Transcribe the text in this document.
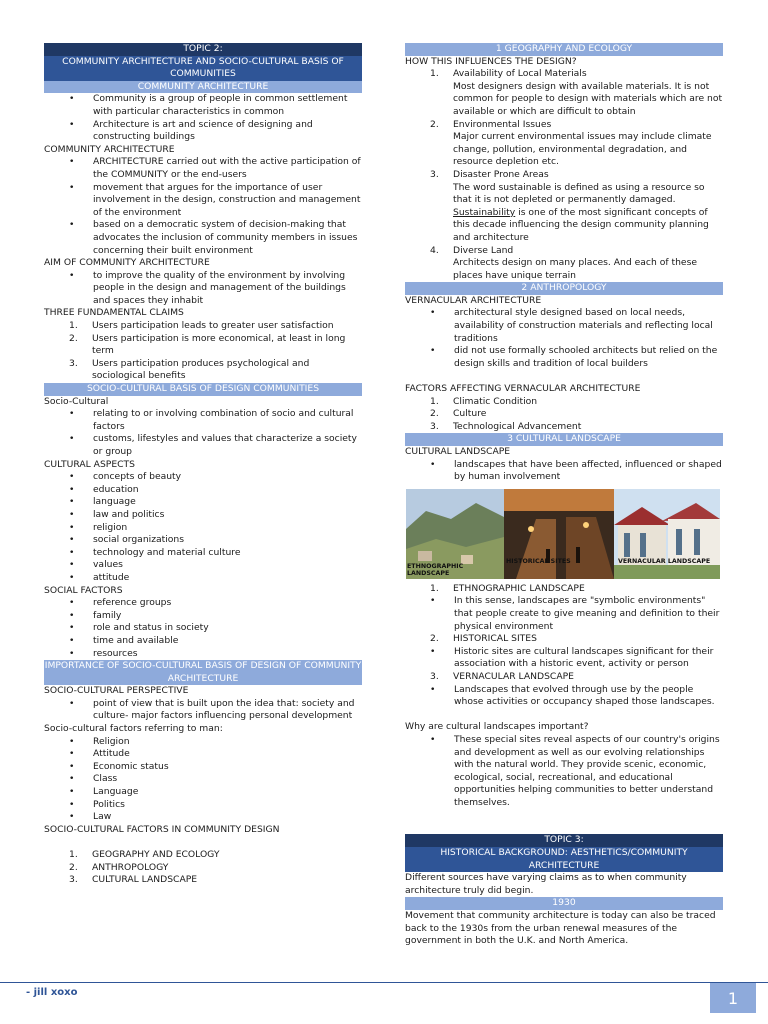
TOPIC 2:
COMMUNITY ARCHITECTURE AND SOCIO-CULTURAL BASIS OF COMMUNITIES
COMMUNITY ARCHITECTURE
• Community is a group of people in common settlement with particular characteristics in common
• Architecture is art and science of designing and constructing buildings
COMMUNITY ARCHITECTURE
• ARCHITECTURE carried out with the active participation of the COMMUNITY or the end-users
• movement that argues for the importance of user involvement in the design, construction and management of the environment
• based on a democratic system of decision-making that advocates the inclusion of community members in issues concerning their built environment
AIM OF COMMUNITY ARCHITECTURE
• to improve the quality of the environment by involving people in the design and management of the buildings and spaces they inhabit
THREE FUNDAMENTAL CLAIMS
1. Users participation leads to greater user satisfaction
2. Users participation is more economical, at least in long term
3. Users participation produces psychological and sociological benefits
SOCIO-CULTURAL BASIS OF DESIGN COMMUNITIES
Socio-Cultural
• relating to or involving combination of socio and cultural factors
• customs, lifestyles and values that characterize a society or group
CULTURAL ASPECTS
• concepts of beauty
• education
• language
• law and politics
• religion
• social organizations
• technology and material culture
• values
• attitude
SOCIAL FACTORS
• reference groups
• family
• role and status in society
• time and available
• resources
IMPORTANCE OF SOCIO-CULTURAL BASIS OF DESIGN OF COMMUNITY ARCHITECTURE
SOCIO-CULTURAL PERSPECTIVE
• point of view that is built upon the idea that: society and culture- major factors influencing personal development
Socio-cultural factors referring to man:
• Religion
• Attitude
• Economic status
• Class
• Language
• Politics
• Law
SOCIO-CULTURAL FACTORS IN COMMUNITY DESIGN
1. GEOGRAPHY AND ECOLOGY
2. ANTHROPOLOGY
3. CULTURAL LANDSCAPE
1 GEOGRAPHY AND ECOLOGY
HOW THIS INFLUENCES THE DESIGN?
1. Availability of Local Materials
Most designers design with available materials. It is not common for people to design with materials which are not available or which are difficult to obtain
2. Environmental Issues
Major current environmental issues may include climate change, pollution, environmental degradation, and resource depletion etc.
3. Disaster Prone Areas
The word sustainable is defined as using a resource so that it is not depleted or permanently damaged.
Sustainability is one of the most significant concepts of this decade influencing the design community planning and architecture
4. Diverse Land
Architects design on many places. And each of these places have unique terrain
2 ANTHROPOLOGY
VERNACULAR ARCHITECTURE
• architectural style designed based on local needs, availability of construction materials and reflecting local traditions
• did not use formally schooled architects but relied on the design skills and tradition of local builders
FACTORS AFFECTING VERNACULAR ARCHITECTURE
1. Climatic Condition
2. Culture
3. Technological Advancement
3 CULTURAL LANDSCAPE
CULTURAL LANDSCAPE
• landscapes that have been affected, influenced or shaped by human involvement
ETHNOGRAPHIC LANDSCAPE
HISTORICAL SITES	VERNACULAR LANDSCAPE
1. ETHNOGRAPHIC LANDSCAPE
• In this sense, landscapes are "symbolic environments" that people create to give meaning and definition to their physical environment
2. HISTORICAL SITES
• Historic sites are cultural landscapes significant for their association with a historic event, activity or person
3. VERNACULAR LANDSCAPE
• Landscapes that evolved through use by the people whose activities or occupancy shaped those landscapes.
Why are cultural landscapes important?
• These special sites reveal aspects of our country's origins and development as well as our evolving relationships with the natural world. They provide scenic, economic, ecological, social, recreational, and educational opportunities helping communities to better understand themselves.
TOPIC 3:
HISTORICAL BACKGROUND: AESTHETICS/COMMUNITY ARCHITECTURE
Different sources have varying claims as to when community architecture truly did begin.
1930
Movement that community architecture is today can also be traced back to the 1930s from the urban renewal measures of the government in both the U.K. and North America.
- jill xoxo	1
